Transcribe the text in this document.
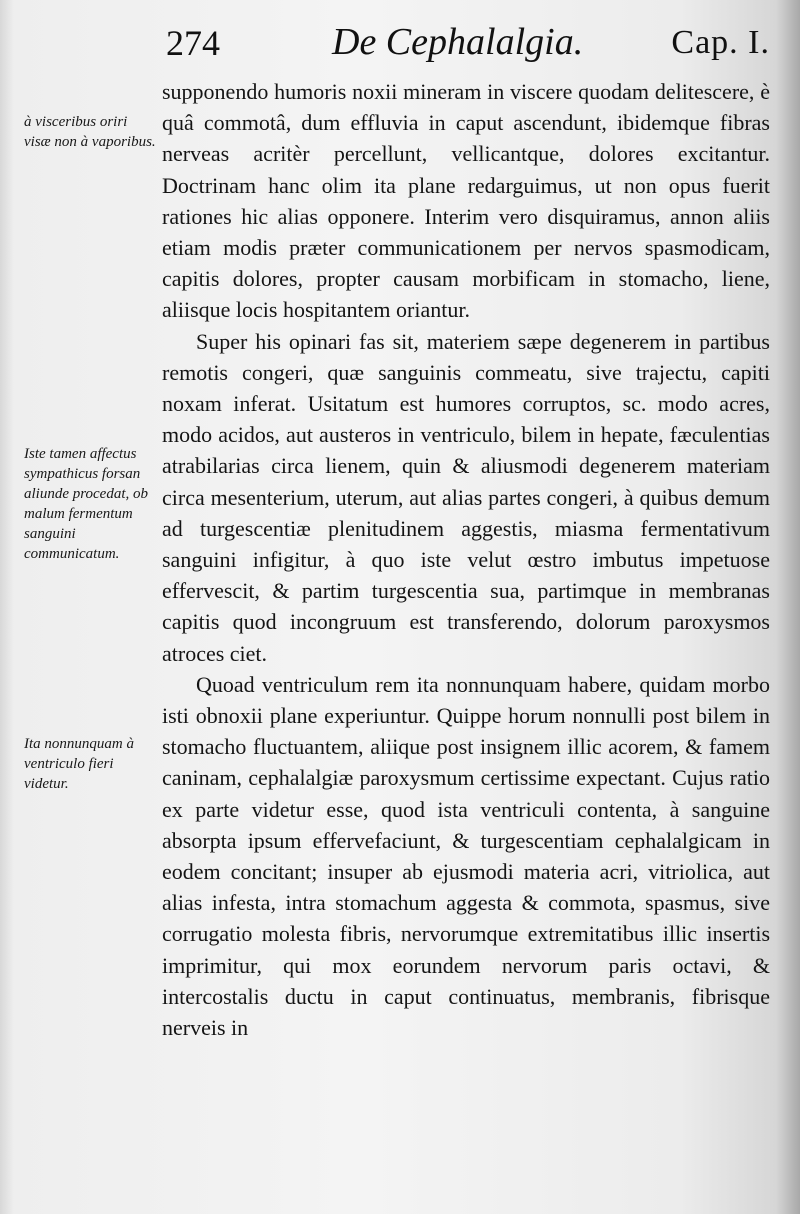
274	De Cephalalgia.	Cap. I.
à visceribus oriri visæ non à vaporibus.
Iste tamen affectus sympathicus forsan aliunde procedat, ob malum fermentum sanguini communicatum.
Ita nonnunquam à ventriculo fieri videtur.

supponendo humoris noxii mineram in viscere quodam delitescere, è quâ commotâ, dum effluvia in caput ascendunt, ibidemque fibras nerveas acritèr percellunt, vellicantque, dolores excitantur. Doctrinam hanc olim ita plane redarguimus, ut non opus fuerit rationes hic alias opponere. Interim vero disquiramus, annon aliis etiam modis præter communicationem per nervos spasmodicam, capitis dolores, propter causam morbificam in stomacho, liene, aliisque locis hospitantem oriantur.

Super his opinari fas sit, materiem sæpe degenerem in partibus remotis congeri, quæ sanguinis commeatu, sive trajectu, capiti noxam inferat. Usitatum est humores corruptos, sc. modo acres, modo acidos, aut austeros in ventriculo, bilem in hepate, fæculentias atrabilarias circa lienem, quin & aliusmodi degenerem materiam circa mesenterium, uterum, aut alias partes congeri, à quibus demum ad turgescentiæ plenitudinem aggestis, miasma fermentativum sanguini infigitur, à quo iste velut œstro imbutus impetuose effervescit, & partim turgescentia sua, partimque in membranas capitis quod incongruum est transferendo, dolorum paroxysmos atroces ciet.

Quoad ventriculum rem ita nonnunquam habere, quidam morbo isti obnoxii plane experiuntur. Quippe horum nonnulli post bilem in stomacho fluctuantem, aliique post insignem illic acorem, & famem caninam, cephalalgiæ paroxysmum certissime expectant. Cujus ratio ex parte videtur esse, quod ista ventriculi contenta, à sanguine absorpta ipsum effervefaciunt, & turgescentiam cephalalgicam in eodem concitant; insuper ab ejusmodi materia acri, vitriolica, aut alias infesta, intra stomachum aggesta & commota, spasmus, sive corrugatio molesta fibris, nervorumque extremitatibus illic insertis imprimitur, qui mox eorundem nervorum paris octavi, & intercostalis ductu in caput continuatus, membranis, fibrisque nerveis in
